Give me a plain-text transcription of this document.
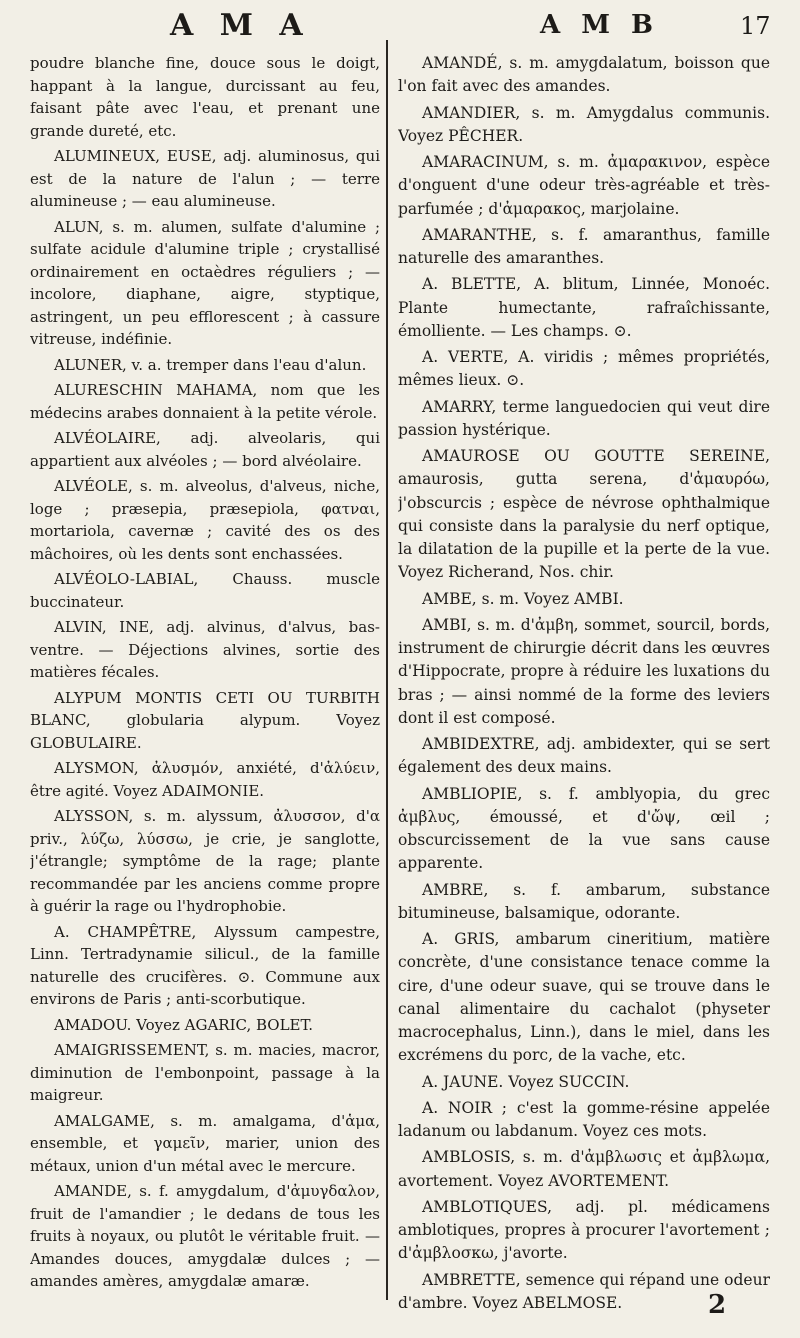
A M A	A M B	17

poudre blanche fine, douce sous le doigt, happant à la langue, durcissant au feu, faisant pâte avec l'eau, et prenant une grande dureté, etc.

ALUMINEUX, EUSE, adj. aluminosus, qui est de la nature de l'alun ; — terre alumineuse ; — eau alumineuse.

ALUN, s. m. alumen, sulfate d'alumine ; sulfate acidule d'alumine triple ; crystallisé ordinairement en octaèdres réguliers ; — incolore, diaphane, aigre, styptique, astringent, un peu efflorescent ; à cassure vitreuse, indéfinie.

ALUNER, v. a. tremper dans l'eau d'alun.

ALURESCHIN MAHAMA, nom que les médecins arabes donnaient à la petite vérole.

ALVÉOLAIRE, adj. alveolaris, qui appartient aux alvéoles ; — bord alvéolaire.

ALVÉOLE, s. m. alveolus, d'alveus, niche, loge ; præsepia, præsepiola, φατναι, mortariola, cavernæ ; cavité des os des mâchoires, où les dents sont enchassées.

ALVÉOLO-LABIAL, Chauss. muscle buccinateur.

ALVIN, INE, adj. alvinus, d'alvus, bas-ventre. — Déjections alvines, sortie des matières fécales.

ALYPUM MONTIS CETI OU TURBITH BLANC, globularia alypum. Voyez GLOBULAIRE.

ALYSMON, ἀλυσμόν, anxiété, d'ἀλύειν, être agité. Voyez ADAIMONIE.

ALYSSON, s. m. alyssum, ἀλυσσον, d'α priv., λύζω, λύσσω, je crie, je sanglotte, j'étrangle; symptôme de la rage; plante recommandée par les anciens comme propre à guérir la rage ou l'hydrophobie.

A. CHAMPÊTRE, Alyssum campestre, Linn. Tertradynamie silicul., de la famille naturelle des crucifères. ⊙. Commune aux environs de Paris ; anti-scorbutique.

AMADOU. Voyez AGARIC, BOLET.

AMAIGRISSEMENT, s. m. macies, macror, diminution de l'embonpoint, passage à la maigreur.

AMALGAME, s. m. amalgama, d'ἁμα, ensemble, et γαμεῖν, marier, union des métaux, union d'un métal avec le mercure.

AMANDE, s. f. amygdalum, d'ἀμυγδαλον, fruit de l'amandier ; le dedans de tous les fruits à noyaux, ou plutôt le véritable fruit. — Amandes douces, amygdalæ dulces ; — amandes amères, amygdalæ amaræ.

AMANDÉ, s. m. amygdalatum, boisson que l'on fait avec des amandes.

AMANDIER, s. m. Amygdalus communis. Voyez PÊCHER.

AMARACINUM, s. m. ἀμαρακινον, espèce d'onguent d'une odeur très-agréable et très-parfumée ; d'ἀμαρακος, marjolaine.

AMARANTHE, s. f. amaranthus, famille naturelle des amaranthes.

A. BLETTE, A. blitum, Linnée, Monoéc. Plante humectante, rafraîchissante, émolliente. — Les champs. ⊙.

A. VERTE, A. viridis ; mêmes propriétés, mêmes lieux. ⊙.

AMARRY, terme languedocien qui veut dire passion hystérique.

AMAUROSE OU GOUTTE SEREINE, amaurosis, gutta serena, d'ἀμαυρόω, j'obscurcis ; espèce de névrose ophthalmique qui consiste dans la paralysie du nerf optique, la dilatation de la pupille et la perte de la vue. Voyez Richerand, Nos. chir.

AMBE, s. m. Voyez AMBI.

AMBI, s. m. d'ἀμβη, sommet, sourcil, bords, instrument de chirurgie décrit dans les œuvres d'Hippocrate, propre à réduire les luxations du bras ; — ainsi nommé de la forme des leviers dont il est composé.

AMBIDEXTRE, adj. ambidexter, qui se sert également des deux mains.

AMBLIOPIE, s. f. amblyopia, du grec ἀμβλυς, émoussé, et d'ὤψ, œil ; obscurcissement de la vue sans cause apparente.

AMBRE, s. f. ambarum, substance bitumineuse, balsamique, odorante.

A. GRIS, ambarum cineritium, matière concrète, d'une consistance tenace comme la cire, d'une odeur suave, qui se trouve dans le canal alimentaire du cachalot (physeter macrocephalus, Linn.), dans le miel, dans les excrémens du porc, de la vache, etc.

A. JAUNE. Voyez SUCCIN.

A. NOIR ; c'est la gomme-résine appelée ladanum ou labdanum. Voyez ces mots.

AMBLOSIS, s. m. d'ἀμβλωσις et ἀμβλωμα, avortement. Voyez AVORTEMENT.

AMBLOTIQUES, adj. pl. médicamens amblotiques, propres à procurer l'avortement ; d'ἀμβλοσκω, j'avorte.

AMBRETTE, semence qui répand une odeur d'ambre. Voyez ABELMOSE.	2
